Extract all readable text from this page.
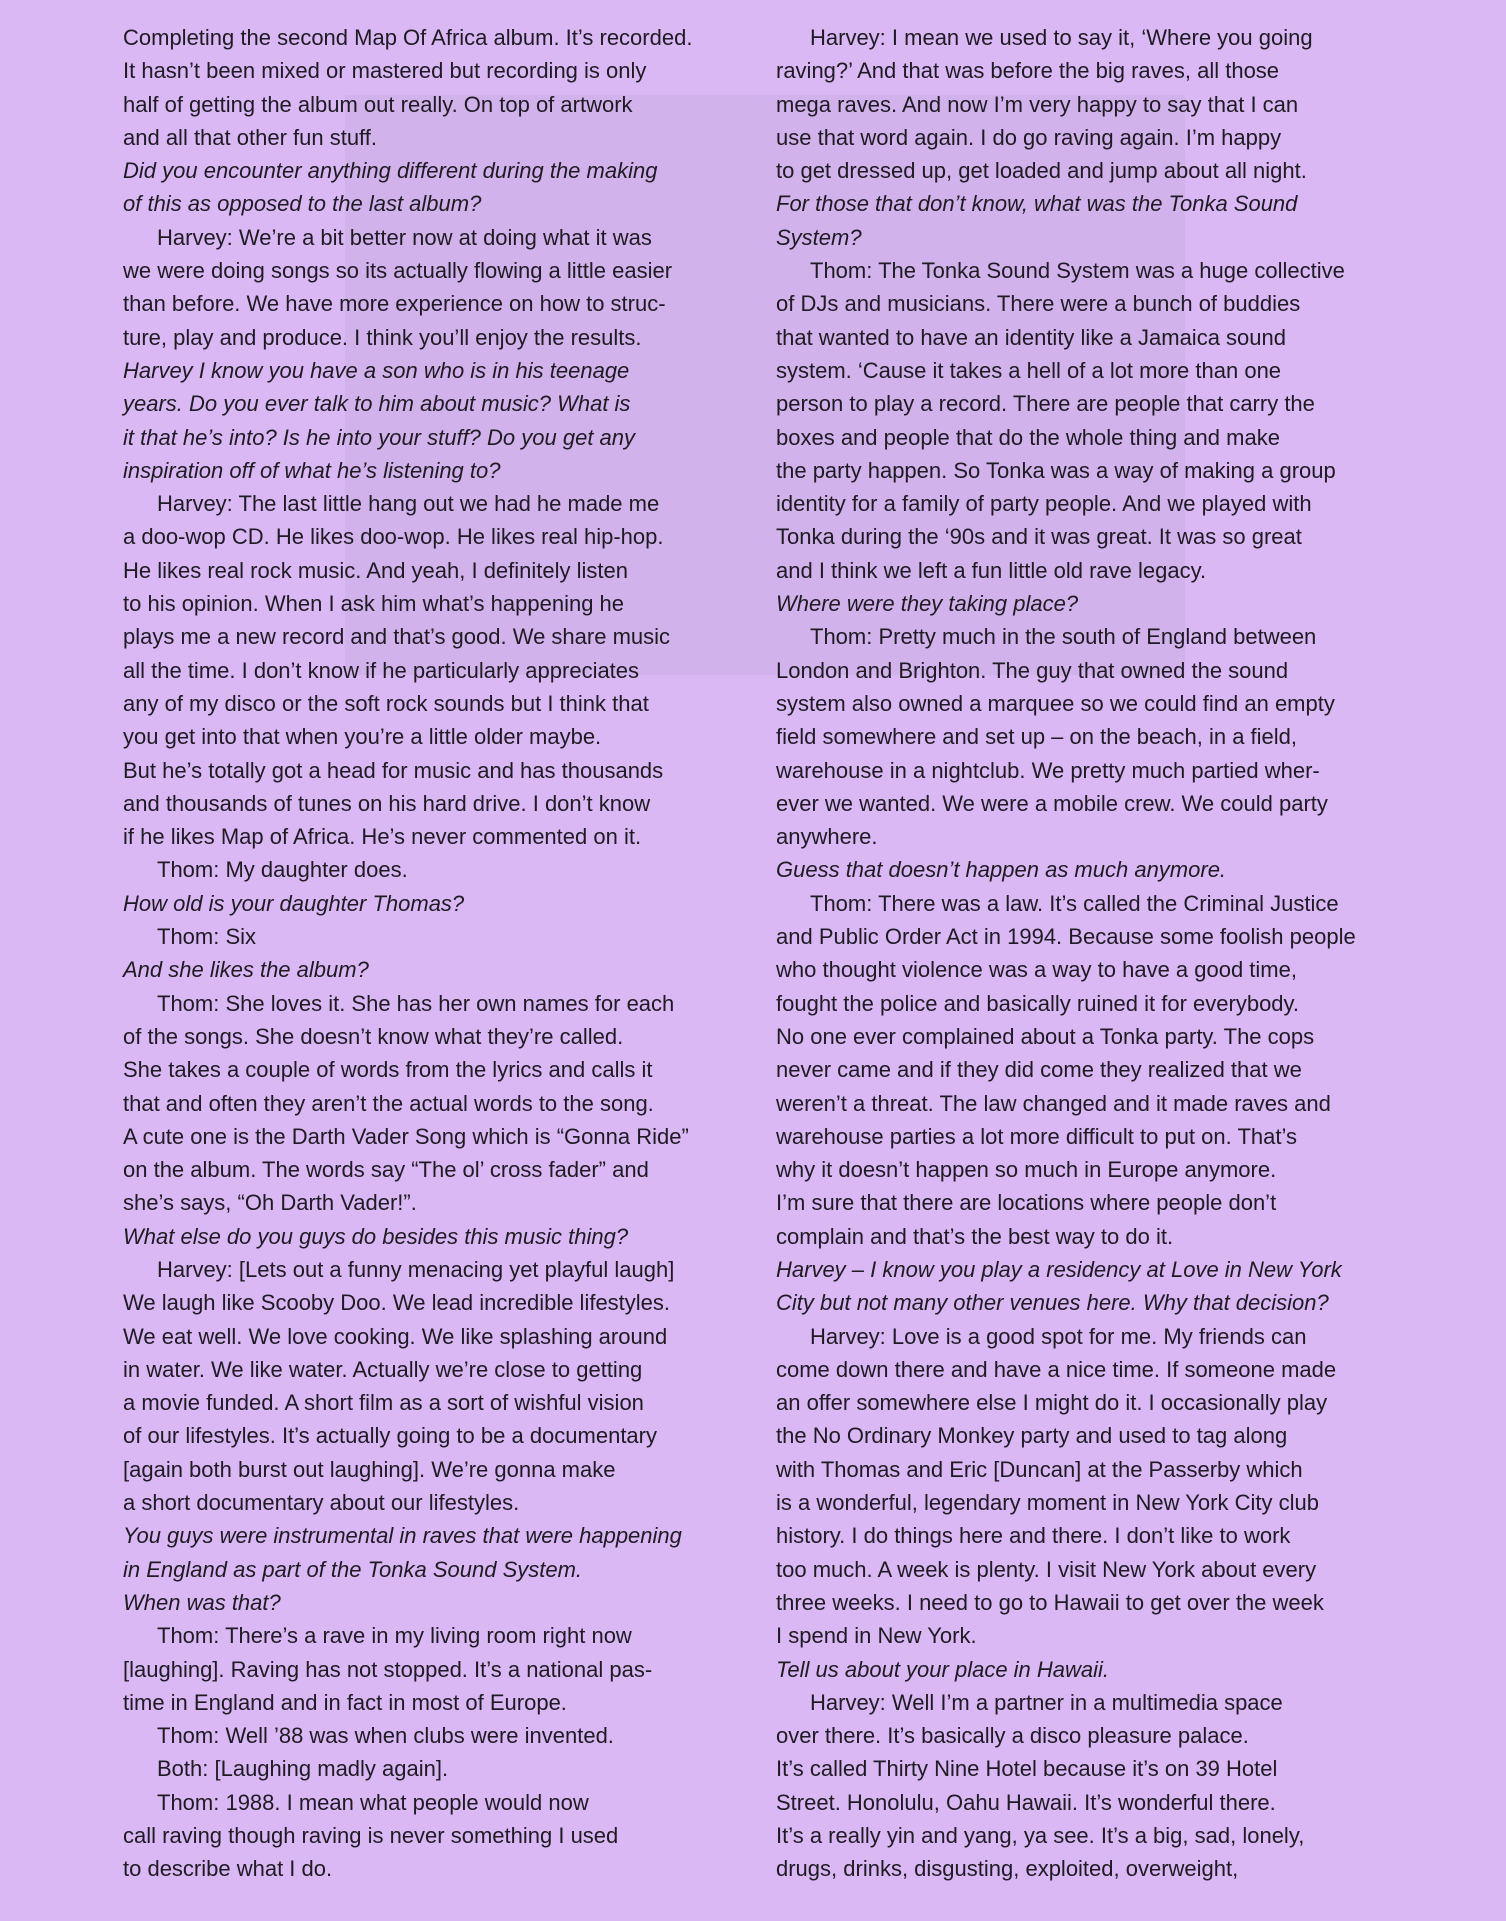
Completing the second Map Of Africa album. It’s recorded.
It hasn’t been mixed or mastered but recording is only
half of getting the album out really. On top of artwork
and all that other fun stuff.

Did you encounter anything different during the making
of this as opposed to the last album?

Harvey: We’re a bit better now at doing what it was
we were doing songs so its actually flowing a little easier
than before. We have more experience on how to struc-
ture, play and produce. I think you’ll enjoy the results.

Harvey I know you have a son who is in his teenage
years. Do you ever talk to him about music? What is
it that he’s into? Is he into your stuff? Do you get any
inspiration off of what he’s listening to?

Harvey: The last little hang out we had he made me
a doo-wop CD. He likes doo-wop. He likes real hip-hop.
He likes real rock music. And yeah, I definitely listen
to his opinion. When I ask him what’s happening he
plays me a new record and that’s good. We share music
all the time. I don’t know if he particularly appreciates
any of my disco or the soft rock sounds but I think that
you get into that when you’re a little older maybe.
But he’s totally got a head for music and has thousands
and thousands of tunes on his hard drive. I don’t know
if he likes Map of Africa. He’s never commented on it.

Thom: My daughter does.

How old is your daughter Thomas?

Thom: Six

And she likes the album?

Thom: She loves it. She has her own names for each
of the songs. She doesn’t know what they’re called.
She takes a couple of words from the lyrics and calls it
that and often they aren’t the actual words to the song.
A cute one is the Darth Vader Song which is “Gonna Ride”
on the album. The words say “The ol’ cross fader” and
she’s says, “Oh Darth Vader!”.

What else do you guys do besides this music thing?

Harvey: [Lets out a funny menacing yet playful laugh]
We laugh like Scooby Doo. We lead incredible lifestyles.
We eat well. We love cooking. We like splashing around
in water. We like water. Actually we’re close to getting
a movie funded. A short film as a sort of wishful vision
of our lifestyles. It’s actually going to be a documentary
[again both burst out laughing]. We’re gonna make
a short documentary about our lifestyles.

You guys were instrumental in raves that were happening
in England as part of the Tonka Sound System.
When was that?

Thom: There’s a rave in my living room right now
[laughing]. Raving has not stopped. It’s a national pas-
time in England and in fact in most of Europe.

Thom: Well ’88 was when clubs were invented.

Both: [Laughing madly again].

Thom: 1988. I mean what people would now
call raving though raving is never something I used
to describe what I do.

Harvey: I mean we used to say it, ‘Where you going
raving?’ And that was before the big raves, all those
mega raves. And now I’m very happy to say that I can
use that word again. I do go raving again. I’m happy
to get dressed up, get loaded and jump about all night.

For those that don’t know, what was the Tonka Sound
System?

Thom: The Tonka Sound System was a huge collective
of DJs and musicians. There were a bunch of buddies
that wanted to have an identity like a Jamaica sound
system. ‘Cause it takes a hell of a lot more than one
person to play a record. There are people that carry the
boxes and people that do the whole thing and make
the party happen. So Tonka was a way of making a group
identity for a family of party people. And we played with
Tonka during the ‘90s and it was great. It was so great
and I think we left a fun little old rave legacy.

Where were they taking place?

Thom: Pretty much in the south of England between
London and Brighton. The guy that owned the sound
system also owned a marquee so we could find an empty
field somewhere and set up – on the beach, in a field,
warehouse in a nightclub. We pretty much partied wher-
ever we wanted. We were a mobile crew. We could party
anywhere.

Guess that doesn’t happen as much anymore.

Thom: There was a law. It’s called the Criminal Justice
and Public Order Act in 1994. Because some foolish people
who thought violence was a way to have a good time,
fought the police and basically ruined it for everybody.
No one ever complained about a Tonka party. The cops
never came and if they did come they realized that we
weren’t a threat. The law changed and it made raves and
warehouse parties a lot more difficult to put on. That’s
why it doesn’t happen so much in Europe anymore.
I’m sure that there are locations where people don’t
complain and that’s the best way to do it.

Harvey – I know you play a residency at Love in New York
City but not many other venues here. Why that decision?

Harvey: Love is a good spot for me. My friends can
come down there and have a nice time. If someone made
an offer somewhere else I might do it. I occasionally play
the No Ordinary Monkey party and used to tag along
with Thomas and Eric [Duncan] at the Passerby which
is a wonderful, legendary moment in New York City club
history. I do things here and there. I don’t like to work
too much. A week is plenty. I visit New York about every
three weeks. I need to go to Hawaii to get over the week
I spend in New York.

Tell us about your place in Hawaii.

Harvey: Well I’m a partner in a multimedia space
over there. It’s basically a disco pleasure palace.
It’s called Thirty Nine Hotel because it’s on 39 Hotel
Street. Honolulu, Oahu Hawaii. It’s wonderful there.
It’s a really yin and yang, ya see. It’s a big, sad, lonely,
drugs, drinks, disgusting, exploited, overweight,
